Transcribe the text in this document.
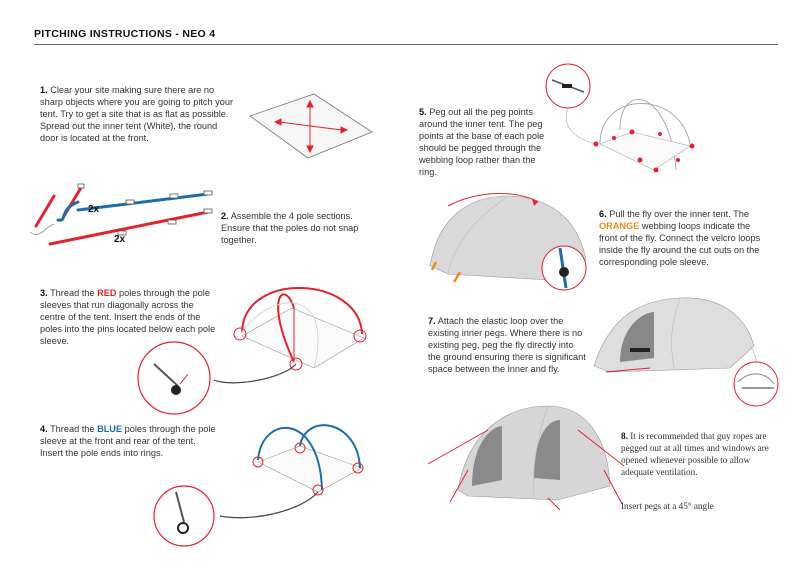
PITCHING INSTRUCTIONS - NEO 4
1. Clear your site making sure there are no sharp objects where you are going to pitch your tent. Try to get a site that is as flat as possible. Spread out the inner tent (White), the round door is located at the front.
2x
2x
2. Assemble the 4 pole sections. Ensure that the poles do not snap together.
3. Thread the RED poles through the pole sleeves that run diagonally across the centre of the tent. Insert the ends of the poles into the pins located below each pole sleeve.
4. Thread the BLUE poles through the pole sleeve at the front and rear of the tent. Insert the pole ends into rings.
5. Peg out all the peg points around the inner tent. The peg points at the base of each pole should be pegged through the webbing loop rather than the ring.
6. Pull the fly over the inner tent. The ORANGE webbing loops indicate the front of the fly. Connect the velcro loops inside the fly around the cut outs on the corresponding pole sleeve.
7. Attach the elastic loop over the existing inner pegs. Where there is no existing peg, peg the fly directly into the ground ensuring there is significant space between the inner and fly.
8. It is recommended that guy ropes are pegged out at all times and windows are opened whenever possible to allow adequate ventilation.
Insert pegs at a 45° angle
